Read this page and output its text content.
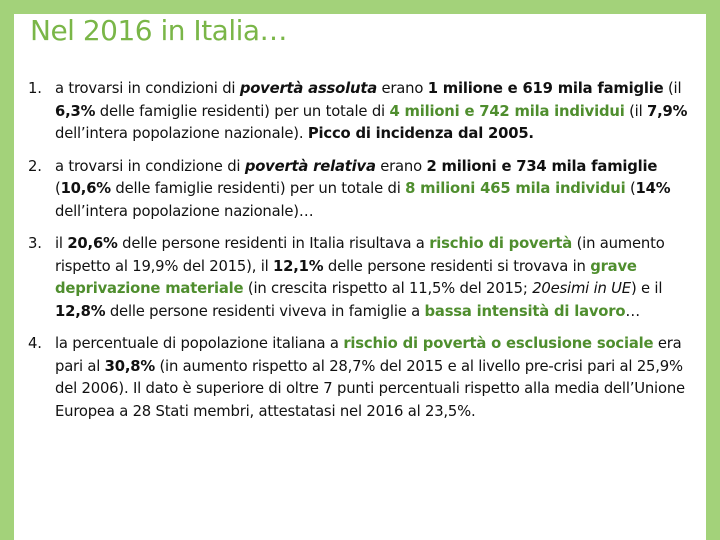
Nel 2016 in Italia…
1. a trovarsi in condizioni di povertà assoluta erano 1 milione e 619 mila famiglie (il 6,3% delle famiglie residenti) per un totale di 4 milioni e 742 mila individui (il 7,9% dell’intera popolazione nazionale). Picco di incidenza dal 2005.
2. a trovarsi in condizione di povertà relativa erano 2 milioni e 734 mila famiglie (10,6% delle famiglie residenti) per un totale di 8 milioni 465 mila individui (14% dell’intera popolazione nazionale)…
3. il 20,6% delle persone residenti in Italia risultava a rischio di povertà (in aumento rispetto al 19,9% del 2015), il 12,1% delle persone residenti si trovava in grave deprivazione materiale (in crescita rispetto al 11,5% del 2015; 20esimi in UE) e il 12,8% delle persone residenti viveva in famiglie a bassa intensità di lavoro…
4. la percentuale di popolazione italiana a rischio di povertà o esclusione sociale era pari al 30,8% (in aumento rispetto al 28,7% del 2015 e al livello pre-crisi pari al 25,9% del 2006). Il dato è superiore di oltre 7 punti percentuali rispetto alla media dell’Unione Europea a 28 Stati membri, attestatasi nel 2016 al 23,5%.
